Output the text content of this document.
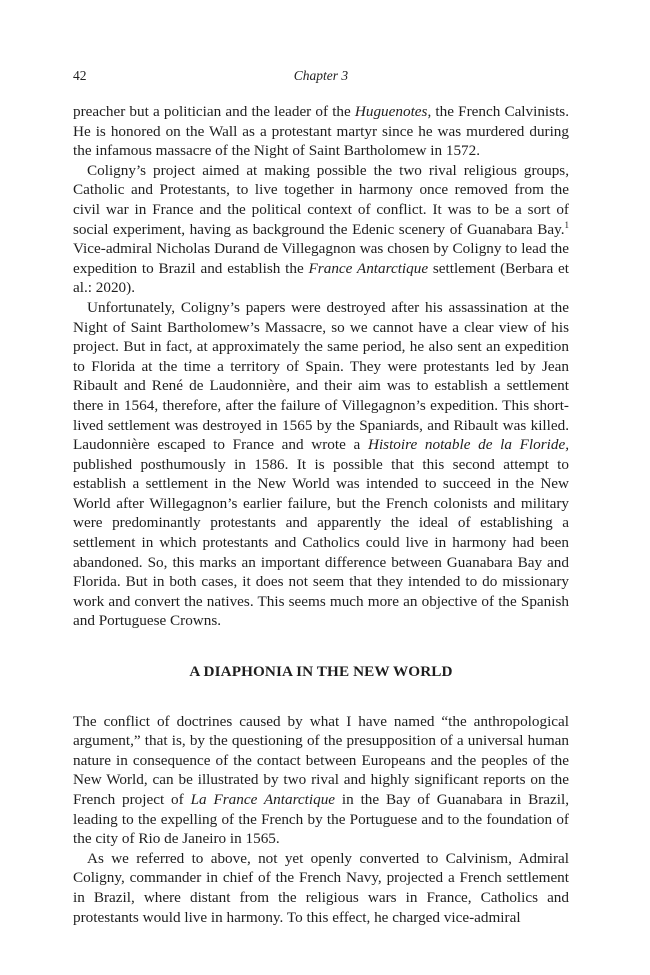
42	Chapter 3

preacher but a politician and the leader of the Huguenotes, the French Calvinists. He is honored on the Wall as a protestant martyr since he was murdered during the infamous massacre of the Night of Saint Bartholomew in 1572.

Coligny’s project aimed at making possible the two rival religious groups, Catholic and Protestants, to live together in harmony once removed from the civil war in France and the political context of conflict. It was to be a sort of social experiment, having as background the Edenic scenery of Guanabara Bay.$^1$ Vice-admiral Nicholas Durand de Villegagnon was chosen by Coligny to lead the expedition to Brazil and establish the France Antarctique settlement (Berbara et al.: 2020).

Unfortunately, Coligny’s papers were destroyed after his assassination at the Night of Saint Bartholomew’s Massacre, so we cannot have a clear view of his project. But in fact, at approximately the same period, he also sent an expedition to Florida at the time a territory of Spain. They were protestants led by Jean Ribault and René de Laudonnière, and their aim was to establish a settlement there in 1564, therefore, after the failure of Villegagnon’s expedition. This short-lived settlement was destroyed in 1565 by the Spaniards, and Ribault was killed. Laudonnière escaped to France and wrote a Histoire notable de la Floride, published posthumously in 1586. It is possible that this second attempt to establish a settlement in the New World was intended to succeed in the New World after Willegagnon’s earlier failure, but the French colonists and military were predominantly protestants and apparently the ideal of establishing a settlement in which protestants and Catholics could live in harmony had been abandoned. So, this marks an important difference between Guanabara Bay and Florida. But in both cases, it does not seem that they intended to do missionary work and convert the natives. This seems much more an objective of the Spanish and Portuguese Crowns.

A DIAPHONIA IN THE NEW WORLD

The conflict of doctrines caused by what I have named “the anthropological argument,” that is, by the questioning of the presupposition of a universal human nature in consequence of the contact between Europeans and the peoples of the New World, can be illustrated by two rival and highly significant reports on the French project of La France Antarctique in the Bay of Guanabara in Brazil, leading to the expelling of the French by the Portuguese and to the foundation of the city of Rio de Janeiro in 1565.

As we referred to above, not yet openly converted to Calvinism, Admiral Coligny, commander in chief of the French Navy, projected a French settlement in Brazil, where distant from the religious wars in France, Catholics and protestants would live in harmony. To this effect, he charged vice-admiral
